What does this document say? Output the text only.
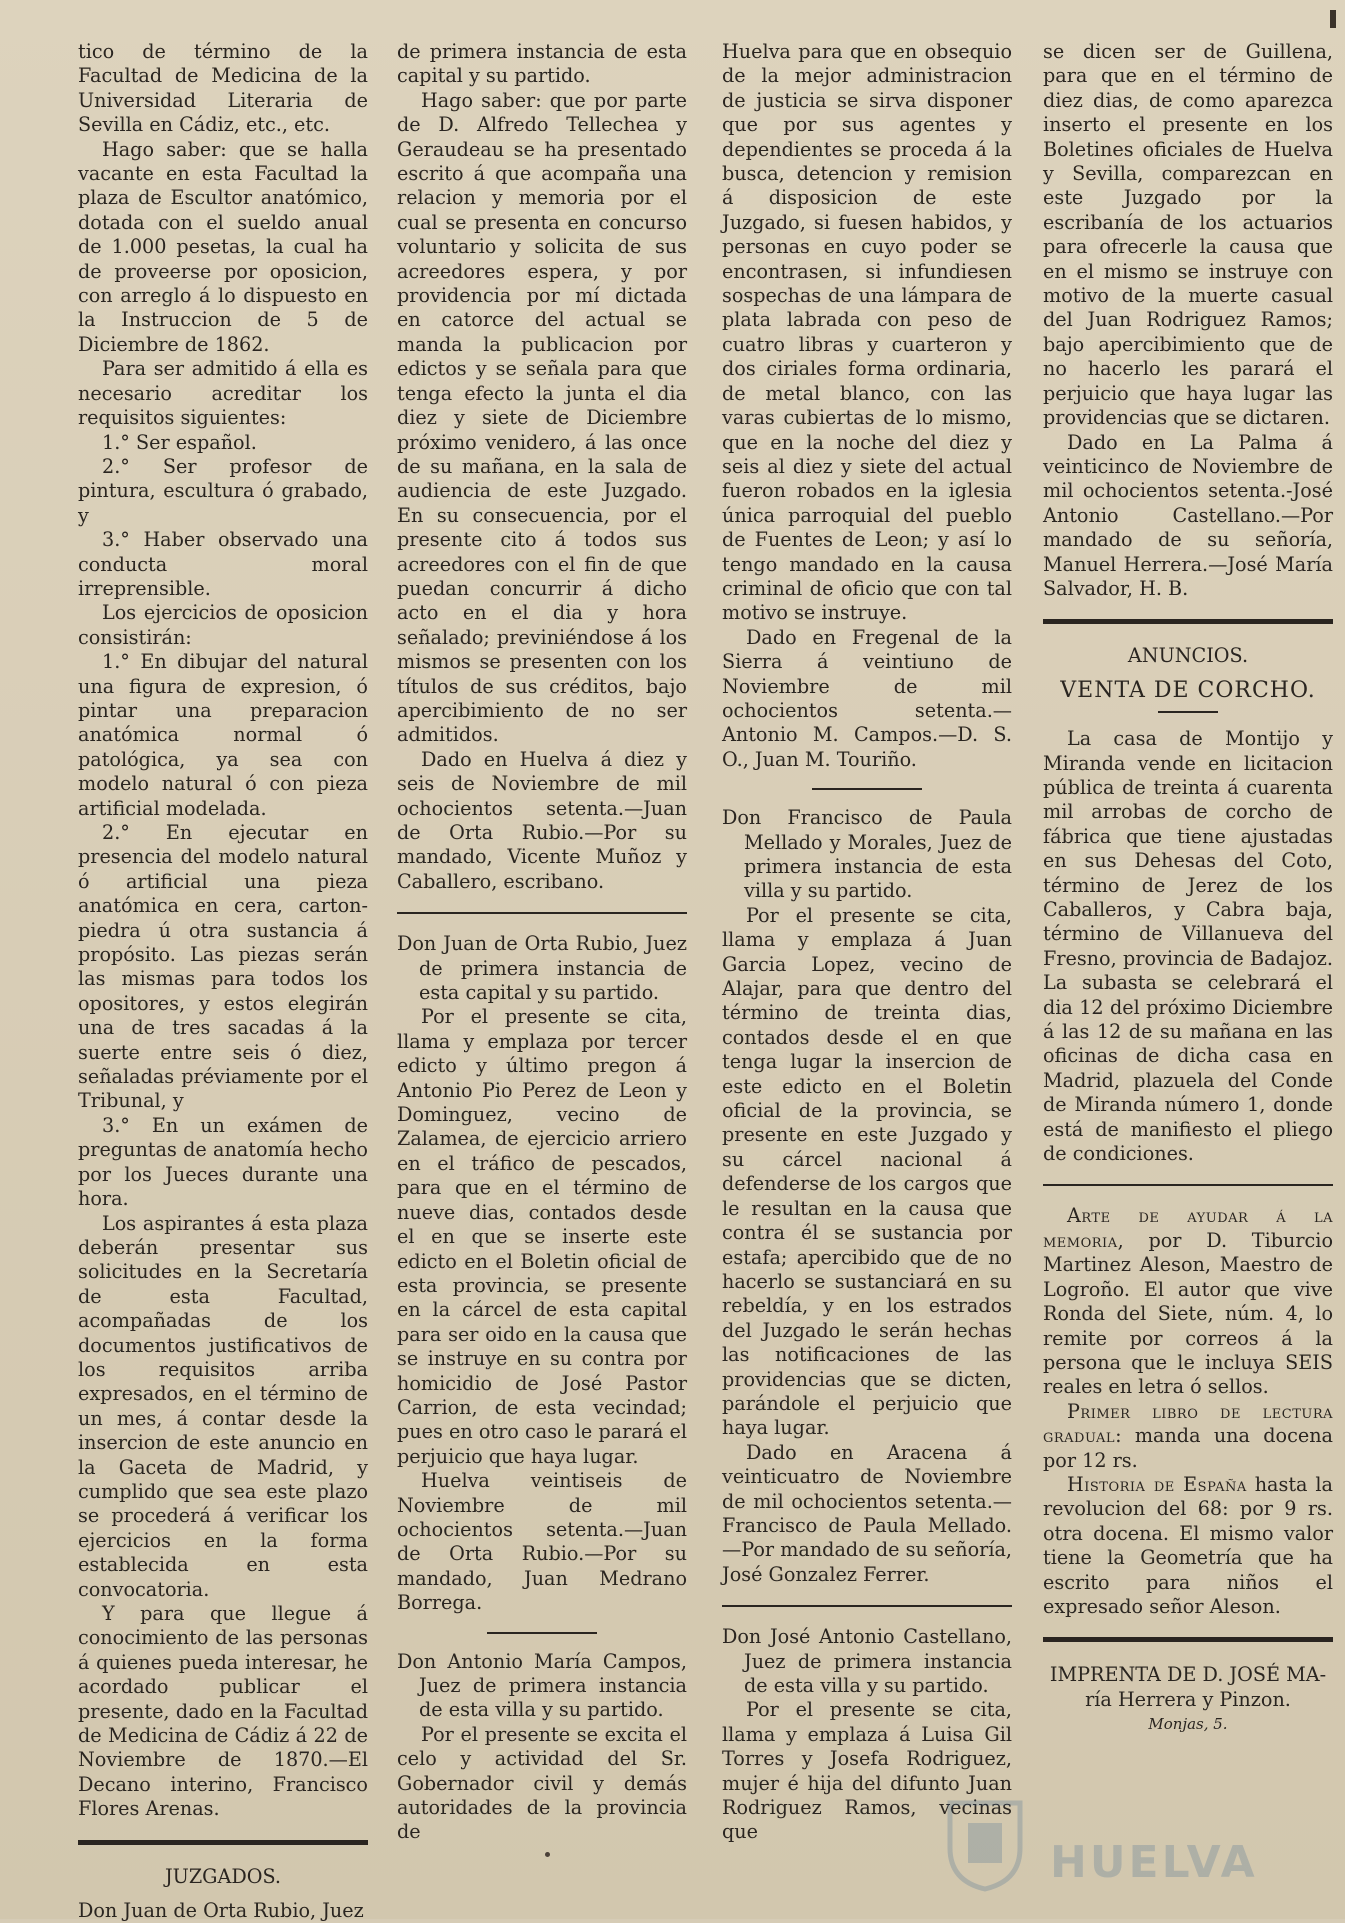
tico de término de la Facultad de Medicina de la Universidad Literaria de Sevilla en Cádiz, etc., etc.

Hago saber: que se halla vacante en esta Facultad la plaza de Escultor anatómico, dotada con el sueldo anual de 1.000 pesetas, la cual ha de proveerse por oposicion, con arreglo á lo dispuesto en la Instruccion de 5 de Diciembre de 1862.

Para ser admitido á ella es necesario acreditar los requisitos siguientes:

1.° Ser español.

2.° Ser profesor de pintura, escultura ó grabado, y

3.° Haber observado una conducta moral irreprensible.

Los ejercicios de oposicion consistirán:

1.° En dibujar del natural una figura de expresion, ó pintar una preparacion anatómica normal ó patológica, ya sea con modelo natural ó con pieza artificial modelada.

2.° En ejecutar en presencia del modelo natural ó artificial una pieza anatómica en cera, carton-piedra ú otra sustancia á propósito. Las piezas serán las mismas para todos los opositores, y estos elegirán una de tres sacadas á la suerte entre seis ó diez, señaladas préviamente por el Tribunal, y

3.° En un exámen de preguntas de anatomía hecho por los Jueces durante una hora.

Los aspirantes á esta plaza deberán presentar sus solicitudes en la Secretaría de esta Facultad, acompañadas de los documentos justificativos de los requisitos arriba expresados, en el término de un mes, á contar desde la insercion de este anuncio en la Gaceta de Madrid, y cumplido que sea este plazo se procederá á verificar los ejercicios en la forma establecida en esta convocatoria.

Y para que llegue á conocimiento de las personas á quienes pueda interesar, he acordado publicar el presente, dado en la Facultad de Medicina de Cádiz á 22 de Noviembre de 1870.—El Decano interino, Francisco Flores Arenas.

JUZGADOS.

Don Juan de Orta Rubio, Juez

de primera instancia de esta capital y su partido.

Hago saber: que por parte de D. Alfredo Tellechea y Geraudeau se ha presentado escrito á que acompaña una relacion y memoria por el cual se presenta en concurso voluntario y solicita de sus acreedores espera, y por providencia por mí dictada en catorce del actual se manda la publicacion por edictos y se señala para que tenga efecto la junta el dia diez y siete de Diciembre próximo venidero, á las once de su mañana, en la sala de audiencia de este Juzgado. En su consecuencia, por el presente cito á todos sus acreedores con el fin de que puedan concurrir á dicho acto en el dia y hora señalado; previniéndose á los mismos se presenten con los títulos de sus créditos, bajo apercibimiento de no ser admitidos.

Dado en Huelva á diez y seis de Noviembre de mil ochocientos setenta.—Juan de Orta Rubio.—Por su mandado, Vicente Muñoz y Caballero, escribano.

Don Juan de Orta Rubio, Juez de primera instancia de esta capital y su partido.

Por el presente se cita, llama y emplaza por tercer edicto y último pregon á Antonio Pio Perez de Leon y Dominguez, vecino de Zalamea, de ejercicio arriero en el tráfico de pescados, para que en el término de nueve dias, contados desde el en que se inserte este edicto en el Boletin oficial de esta provincia, se presente en la cárcel de esta capital para ser oido en la causa que se instruye en su contra por homicidio de José Pastor Carrion, de esta vecindad; pues en otro caso le parará el perjuicio que haya lugar.

Huelva veintiseis de Noviembre de mil ochocientos setenta.—Juan de Orta Rubio.—Por su mandado, Juan Medrano Borrega.

Don Antonio María Campos, Juez de primera instancia de esta villa y su partido.

Por el presente se excita el celo y actividad del Sr. Gobernador civil y demás autoridades de la provincia de

Huelva para que en obsequio de la mejor administracion de justicia se sirva disponer que por sus agentes y dependientes se proceda á la busca, detencion y remision á disposicion de este Juzgado, si fuesen habidos, y personas en cuyo poder se encontrasen, si infundiesen sospechas de una lámpara de plata labrada con peso de cuatro libras y cuarteron y dos ciriales forma ordinaria, de metal blanco, con las varas cubiertas de lo mismo, que en la noche del diez y seis al diez y siete del actual fueron robados en la iglesia única parroquial del pueblo de Fuentes de Leon; y así lo tengo mandado en la causa criminal de oficio que con tal motivo se instruye.

Dado en Fregenal de la Sierra á veintiuno de Noviembre de mil ochocientos setenta.—Antonio M. Campos.—D. S. O., Juan M. Touriño.

Don Francisco de Paula Mellado y Morales, Juez de primera instancia de esta villa y su partido.

Por el presente se cita, llama y emplaza á Juan Garcia Lopez, vecino de Alajar, para que dentro del término de treinta dias, contados desde el en que tenga lugar la insercion de este edicto en el Boletin oficial de la provincia, se presente en este Juzgado y su cárcel nacional á defenderse de los cargos que le resultan en la causa que contra él se sustancia por estafa; apercibido que de no hacerlo se sustanciará en su rebeldía, y en los estrados del Juzgado le serán hechas las notificaciones de las providencias que se dicten, parándole el perjuicio que haya lugar.

Dado en Aracena á veinticuatro de Noviembre de mil ochocientos setenta.—Francisco de Paula Mellado.—Por mandado de su señoría, José Gonzalez Ferrer.

Don José Antonio Castellano, Juez de primera instancia de esta villa y su partido.

Por el presente se cita, llama y emplaza á Luisa Gil Torres y Josefa Rodriguez, mujer é hija del difunto Juan Rodriguez Ramos, vecinas que

se dicen ser de Guillena, para que en el término de diez dias, de como aparezca inserto el presente en los Boletines oficiales de Huelva y Sevilla, comparezcan en este Juzgado por la escribanía de los actuarios para ofrecerle la causa que en el mismo se instruye con motivo de la muerte casual del Juan Rodriguez Ramos; bajo apercibimiento que de no hacerlo les parará el perjuicio que haya lugar las providencias que se dictaren.

Dado en La Palma á veinticinco de Noviembre de mil ochocientos setenta.-José Antonio Castellano.—Por mandado de su señoría, Manuel Herrera.—José María Salvador, H. B.

ANUNCIOS.
VENTA DE CORCHO.

La casa de Montijo y Miranda vende en licitacion pública de treinta á cuarenta mil arrobas de corcho de fábrica que tiene ajustadas en sus Dehesas del Coto, término de Jerez de los Caballeros, y Cabra baja, término de Villanueva del Fresno, provincia de Badajoz. La subasta se celebrará el dia 12 del próximo Diciembre á las 12 de su mañana en las oficinas de dicha casa en Madrid, plazuela del Conde de Miranda número 1, donde está de manifiesto el pliego de condiciones.

Arte de ayudar á la memoria, por D. Tiburcio Martinez Aleson, Maestro de Logroño. El autor que vive Ronda del Siete, núm. 4, lo remite por correos á la persona que le incluya SEIS reales en letra ó sellos.

Primer libro de lectura gradual: manda una docena por 12 rs.

Historia de España hasta la revolucion del 68: por 9 rs. otra docena. El mismo valor tiene la Geometría que ha escrito para niños el expresado señor Aleson.

IMPRENTA DE D. JOSÉ MA-
ría Herrera y Pinzon.
Monjas, 5.
HUELVA
